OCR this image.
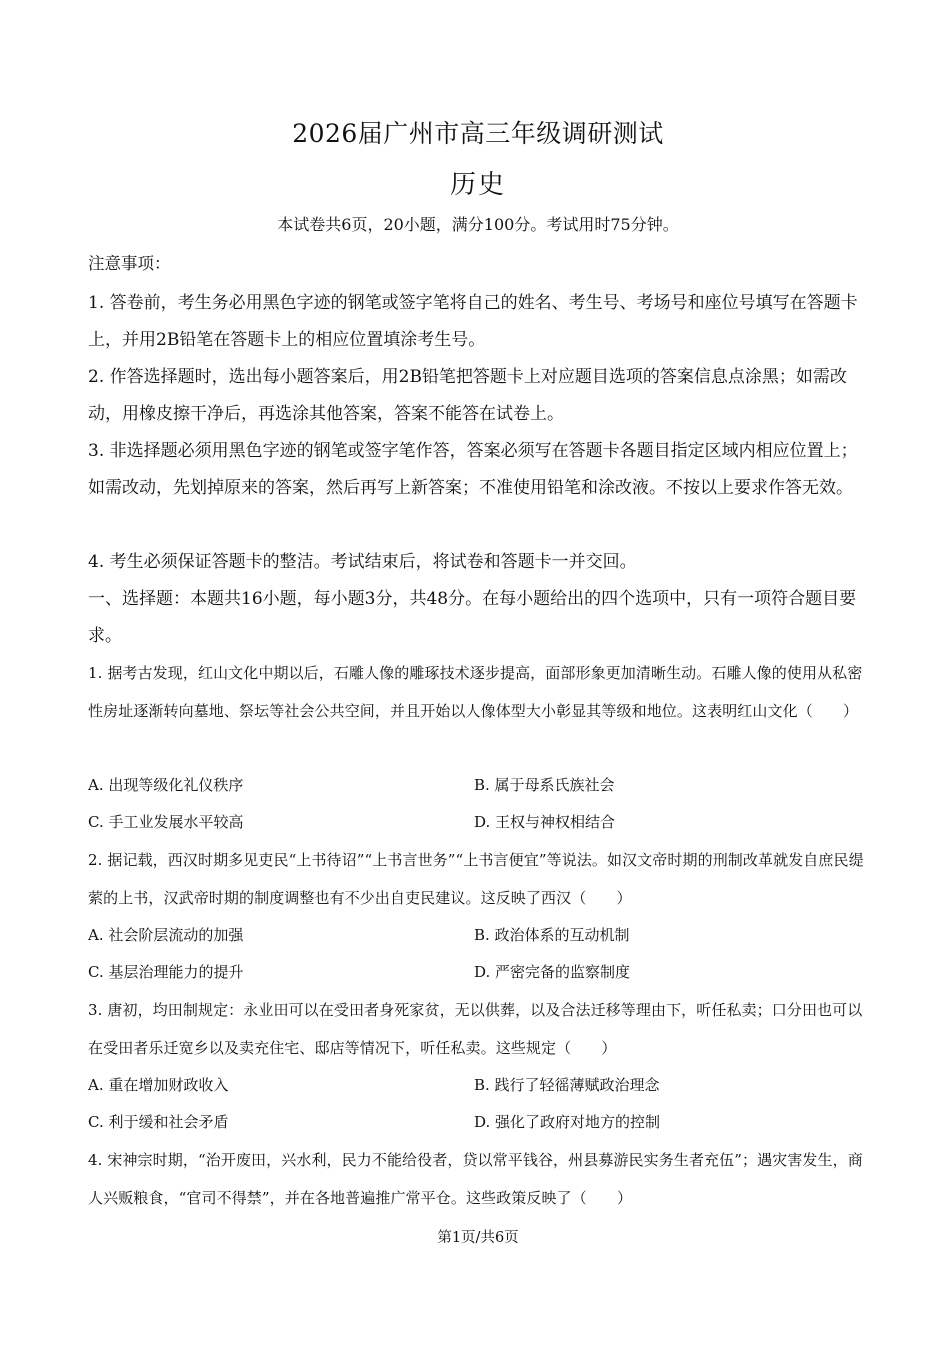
2026届广州市高三年级调研测试
历史
本试卷共6页，20小题，满分100分。考试用时75分钟。
注意事项：
1. 答卷前，考生务必用黑色字迹的钢笔或签字笔将自己的姓名、考生号、考场号和座位号填写在答题卡上，并用2B铅笔在答题卡上的相应位置填涂考生号。
2. 作答选择题时，选出每小题答案后，用2B铅笔把答题卡上对应题目选项的答案信息点涂黑；如需改动，用橡皮擦干净后，再选涂其他答案，答案不能答在试卷上。
3. 非选择题必须用黑色字迹的钢笔或签字笔作答，答案必须写在答题卡各题目指定区域内相应位置上；如需改动，先划掉原来的答案，然后再写上新答案；不准使用铅笔和涂改液。不按以上要求作答无效。
4. 考生必须保证答题卡的整洁。考试结束后，将试卷和答题卡一并交回。
一、选择题：本题共16小题，每小题3分，共48分。在每小题给出的四个选项中，只有一项符合题目要求。
1. 据考古发现，红山文化中期以后，石雕人像的雕琢技术逐步提高，面部形象更加清晰生动。石雕人像的使用从私密性房址逐渐转向墓地、祭坛等社会公共空间，并且开始以人像体型大小彰显其等级和地位。这表明红山文化（　　）
A. 出现等级化礼仪秩序	B. 属于母系氏族社会
C. 手工业发展水平较高	D. 王权与神权相结合
2. 据记载，西汉时期多见吏民“上书待诏”“上书言世务”“上书言便宜”等说法。如汉文帝时期的刑制改革就发自庶民缇萦的上书，汉武帝时期的制度调整也有不少出自吏民建议。这反映了西汉（　　）
A. 社会阶层流动的加强	B. 政治体系的互动机制
C. 基层治理能力的提升	D. 严密完备的监察制度
3. 唐初，均田制规定：永业田可以在受田者身死家贫，无以供葬，以及合法迁移等理由下，听任私卖；口分田也可以在受田者乐迁宽乡以及卖充住宅、邸店等情况下，听任私卖。这些规定（　　）
A. 重在增加财政收入	B. 践行了轻徭薄赋政治理念
C. 利于缓和社会矛盾	D. 强化了政府对地方的控制
4. 宋神宗时期，“治开废田，兴水利，民力不能给役者，贷以常平钱谷，州县募游民实务生者充伍”；遇灾害发生，商人兴贩粮食，“官司不得禁”，并在各地普遍推广常平仓。这些政策反映了（　　）
第1页/共6页
